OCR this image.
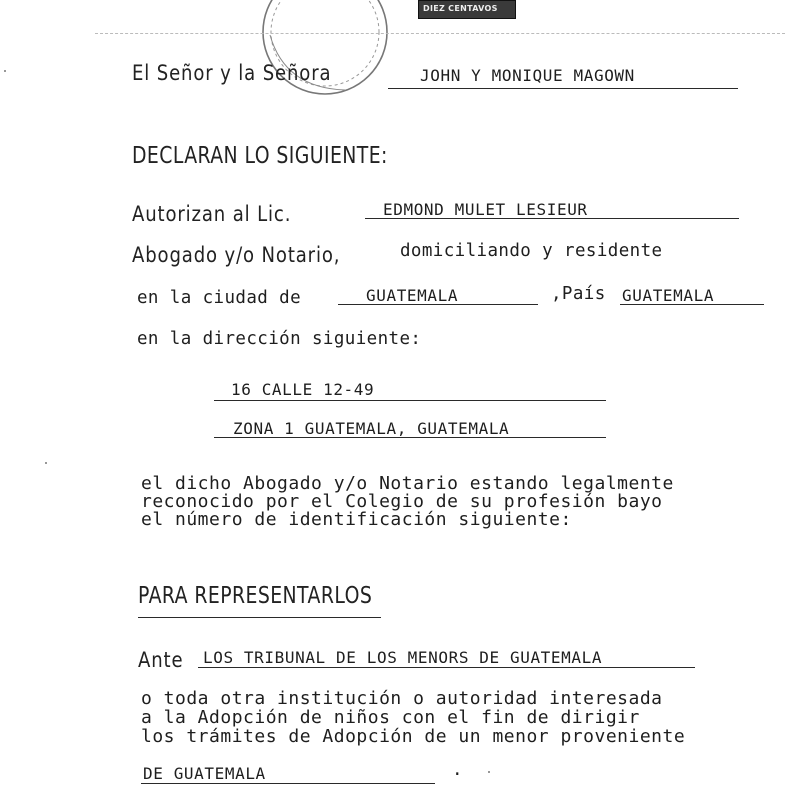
DIEZ CENTAVOS
El Señor y la Señora	JOHN Y MONIQUE MAGOWN
DECLARAN LO SIGUIENTE:
Autorizan al Lic.	EDMOND MULET LESIEUR
Abogado y/o Notario,	domiciliando y residente
en la ciudad de	GUATEMALA	,País GUATEMALA
en la dirección siguiente:
16 CALLE 12-49
ZONA 1 GUATEMALA, GUATEMALA
el dicho Abogado y/o Notario estando legalmente
reconocido por el Colegio de su profesión bayo
el número de identificación siguiente:
PARA REPRESENTARLOS
Ante LOS TRIBUNAL DE LOS MENORS DE GUATEMALA
o toda otra institución o autoridad interesada
a la Adopción de niños con el fin de dirigir
los trámites de Adopción de un menor proveniente
DE GUATEMALA	.
